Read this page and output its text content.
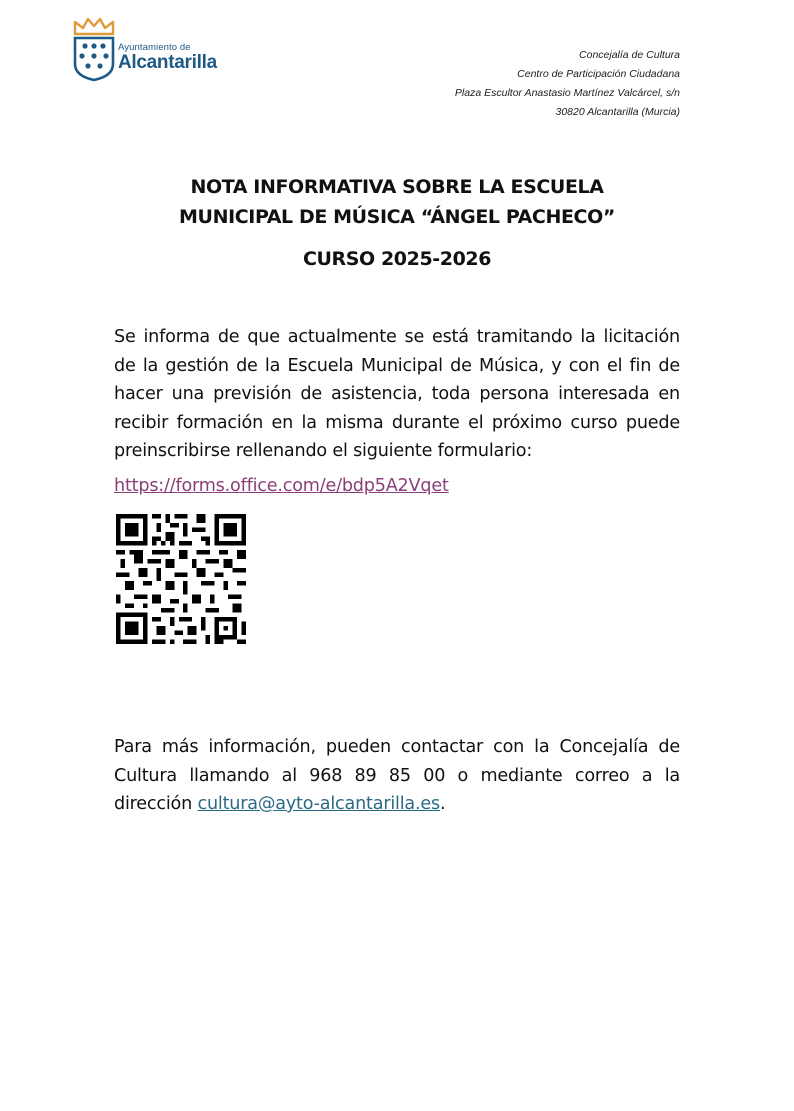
Ayuntamiento de
Alcantarilla	Concejalía de Cultura
Centro de Participación Ciudadana
Plaza Escultor Anastasio Martínez Valcárcel, s/n
30820 Alcantarilla (Murcia)
NOTA INFORMATIVA SOBRE LA ESCUELA
MUNICIPAL DE MÚSICA “ÁNGEL PACHECO”
CURSO 2025-2026
Se informa de que actualmente se está tramitando la licitación de la gestión de la Escuela Municipal de Música, y con el fin de hacer una previsión de asistencia, toda persona interesada en recibir formación en la misma durante el próximo curso puede preinscribirse rellenando el siguiente formulario:
https://forms.office.com/e/bdp5A2Vqet
Para más información, pueden contactar con la Concejalía de Cultura llamando al 968 89 85 00 o mediante correo a la dirección cultura@ayto-alcantarilla.es.
